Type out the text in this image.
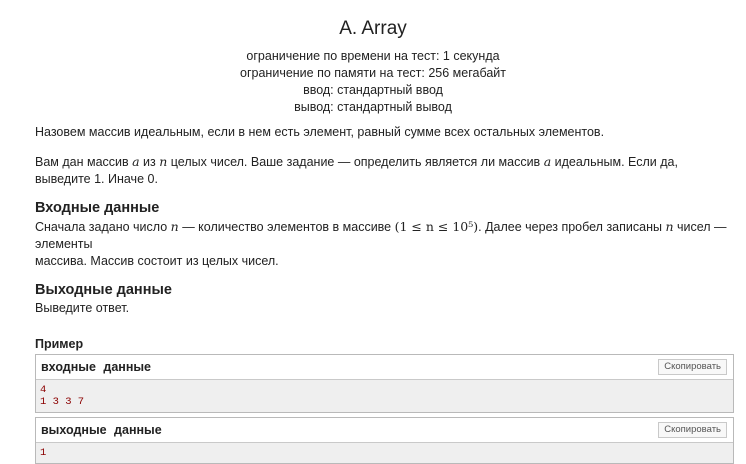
A. Array
ограничение по времени на тест: 1 секунда
ограничение по памяти на тест: 256 мегабайт
ввод: стандартный ввод
вывод: стандартный вывод

Назовем массив идеальным, если в нем есть элемент, равный сумме всех остальных элементов.

Вам дан массив a из n целых чисел. Ваше задание — определить является ли массив a идеальным. Если да, выведите 1. Иначе 0.

Входные данные

Сначала задано число n — количество элементов в массиве (1 ≤ n ≤ 10⁵). Далее через пробел записаны n чисел — элементы
массива. Массив состоит из целых чисел.

Выходные данные

Выведите ответ.

Пример
входные данные	Скопировать
4
1 3 3 7
выходные данные	Скопировать
1
